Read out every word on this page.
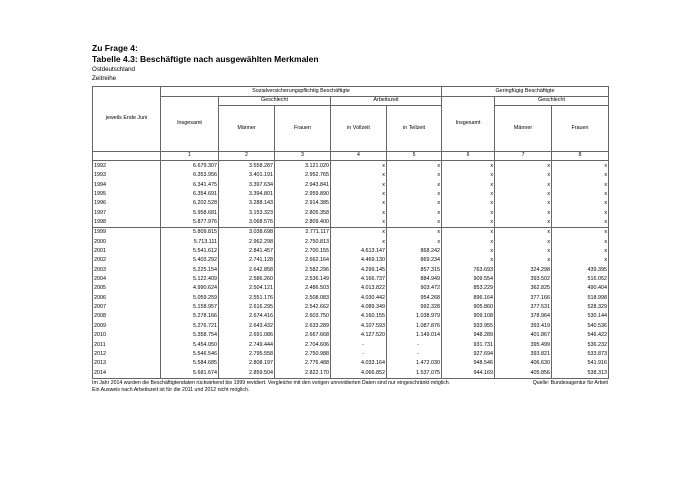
Zu Frage 4:
Tabelle 4.3: Beschäftigte nach ausgewählten Merkmalen
Ostdeutschland
Zeitreihe
jeweils Ende Juni	Sozialversicherungspflichtig Beschäftigte					Geringfügig Beschäftigte		
	Insgesamt	Geschlecht		Arbeitszeit		Insgesamt	Geschlecht	
		Männer	Frauen	in Vollzeit	in Teilzeit		Männer	Frauen
	1	2	3	4	5	6	7	8
1992	6.679.307	3.558.287	3.121.020	x	x	x	x	x
1993	6.353.956	3.401.191	2.952.765	x	x	x	x	x
1994	6.341.475	3.397.634	2.943.841	x	x	x	x	x
1995	6.354.691	3.394.801	2.959.890	x	x	x	x	x
1996	6.202.528	3.288.143	2.914.385	x	x	x	x	x
1997	5.958.681	3.153.323	2.805.358	x	x	x	x	x
1998	5.877.976	3.068.576	2.809.400	x	x	x	x	x
1999	5.809.815	3.038.698	2.771.117	x	x	x	x	x
2000	5.713.111	2.962.298	2.750.813	x	x	x	x	x
2001	5.541.612	2.841.457	2.700.155	4.613.147	868.242	x	x	x
2002	5.403.292	2.741.128	2.662.164	4.469.130	869.234	x	x	x
2003	5.225.154	2.642.858	2.582.296	4.299.145	857.315	763.693	324.298	439.395
2004	5.122.409	2.586.260	2.536.149	4.166.737	884.949	909.554	393.502	516.052
2005	4.990.624	2.504.121	2.486.503	4.013.822	903.472	853.229	362.825	490.404
2006	5.059.259	2.551.176	2.508.083	4.030.442	954.268	896.164	377.166	518.998
2007	5.158.957	2.616.295	2.542.662	4.089.349	992.328	905.860	377.531	528.329
2008	5.278.166	2.674.416	2.603.750	4.160.155	1.038.979	909.108	378.964	530.144
2009	5.276.721	2.643.432	2.633.289	4.107.593	1.087.876	933.955	393.419	540.536
2010	5.358.754	2.691.086	2.667.668	4.127.520	1.149.014	948.289	401.867	546.422
2011	5.454.050	2.749.444	2.704.606	-	-	931.731	395.499	536.232
2012	5.546.546	2.795.558	2.750.988	-	-	927.694	393.821	533.873
2013	5.584.685	2.808.197	2.776.488	4.033.164	1.472.030	948.546	406.630	541.916
2014	5.681.674	2.859.504	2.822.170	4.066.852	1.537.075	944.169	405.856	538.313
Im Jahr 2014 wurden die Beschäftigtendaten rückwirkend bis 1999 revidiert. Vergleiche mit den vorigen unrevidierten Daten sind nur eingeschränkt möglich.
Ein Ausweis nach Arbeitszeit ist für die 2011 und 2012 nicht möglich.
Quelle: Bundesagentur für Arbeit
